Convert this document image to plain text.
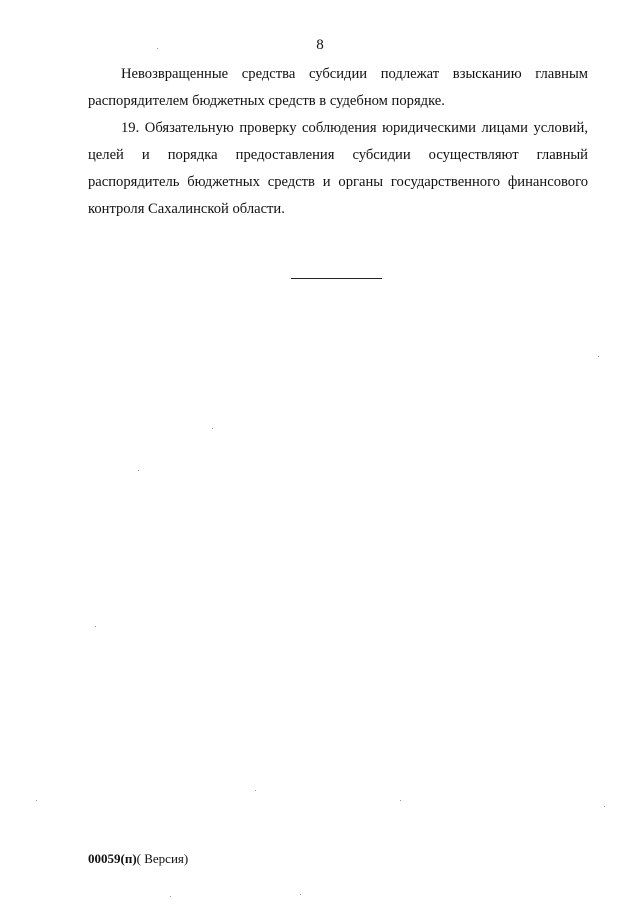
8

Невозвращенные средства субсидии подлежат взысканию главным распорядителем бюджетных средств в судебном порядке.

19. Обязательную проверку соблюдения юридическими лицами условий, целей и порядка предоставления субсидии осуществляют главный распорядитель бюджетных средств и органы государственного финансового контроля Сахалинской области.

00059(п)( Версия)
